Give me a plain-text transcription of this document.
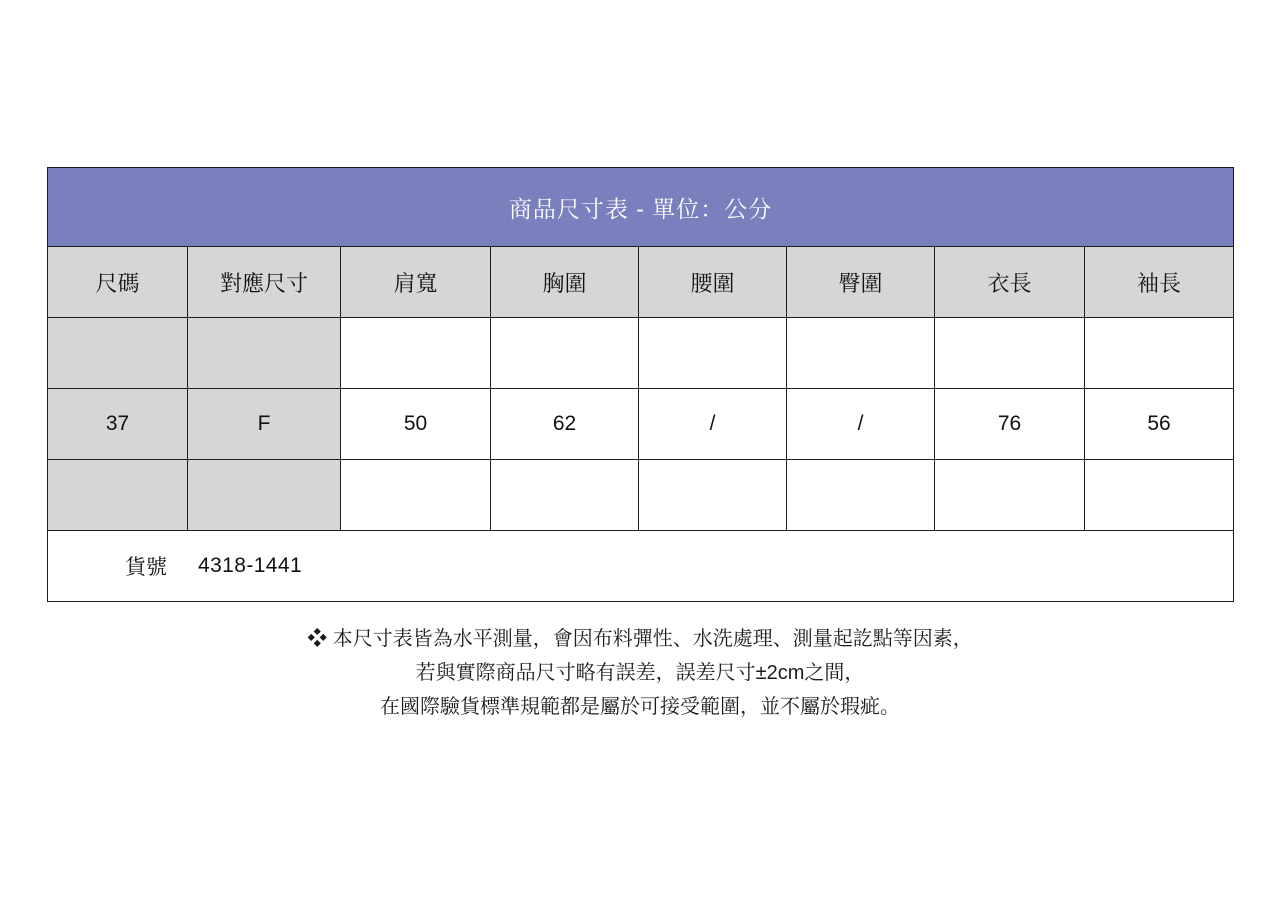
商品尺寸表 - 單位：公分							
尺碼	對應尺寸	肩寬	胸圍	腰圍	臀圍	衣長	袖長

37	F	50	62	/	/	76	56

貨號 4318-1441							
❖ 本尺寸表皆為水平測量，會因布料彈性、水洗處理、測量起訖點等因素，
若與實際商品尺寸略有誤差，誤差尺寸±2cm之間，
在國際驗貨標準規範都是屬於可接受範圍，並不屬於瑕疵。
